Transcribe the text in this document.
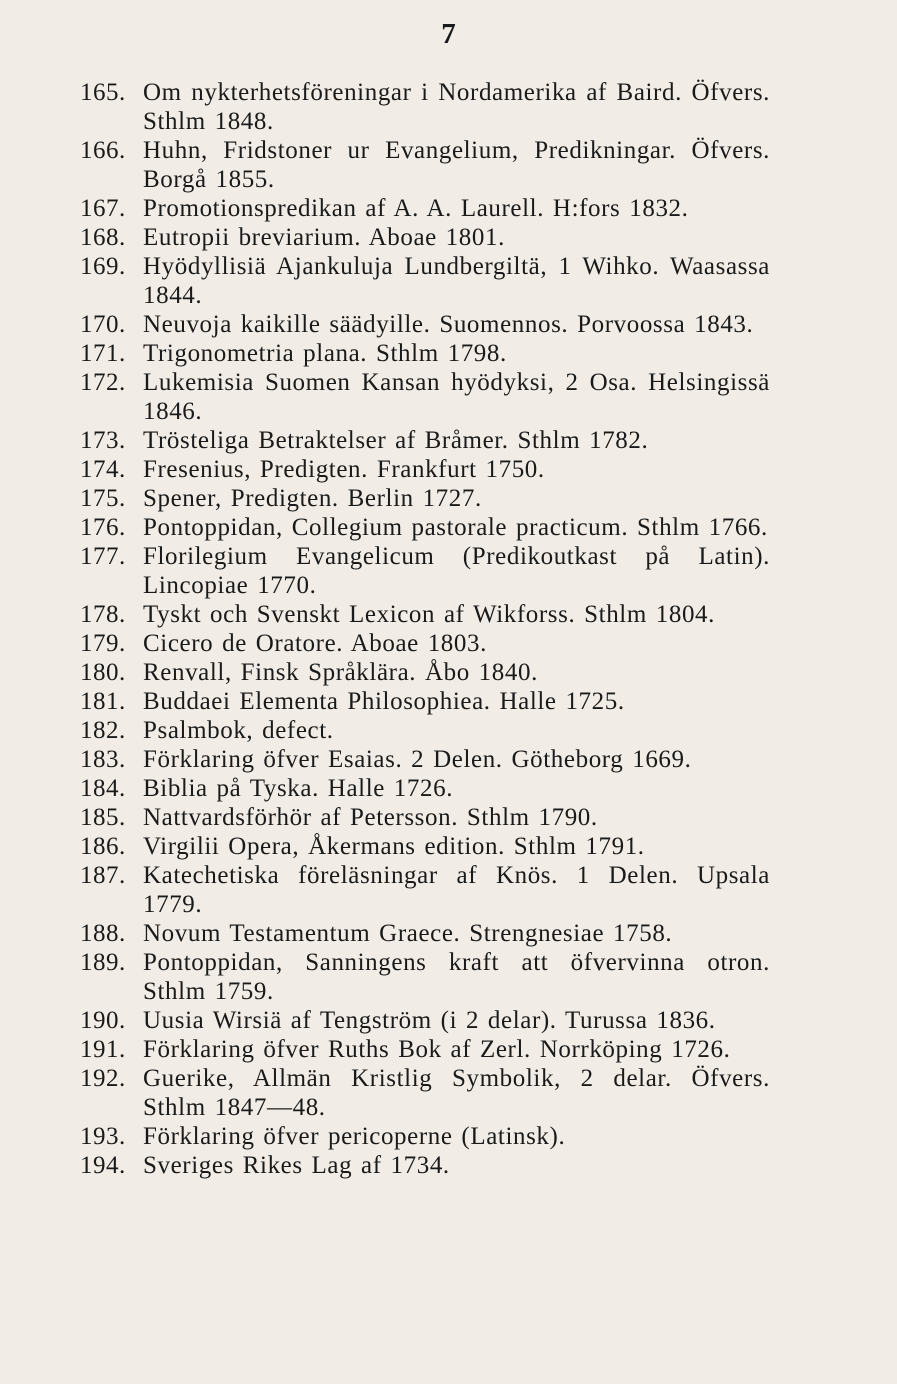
7
165. Om nykterhetsföreningar i Nordamerika af Baird. Öfvers. Sthlm 1848.
166. Huhn, Fridstoner ur Evangelium, Predikningar. Öfvers. Borgå 1855.
167. Promotionspredikan af A. A. Laurell. H:fors 1832.
168. Eutropii breviarium. Aboae 1801.
169. Hyödyllisiä Ajankuluja Lundbergiltä, 1 Wihko. Waasassa 1844.
170. Neuvoja kaikille säädyille. Suomennos. Porvoossa 1843.
171. Trigonometria plana. Sthlm 1798.
172. Lukemisia Suomen Kansan hyödyksi, 2 Osa. Helsingissä 1846.
173. Tröstеliga Betraktelser af Bråmer. Sthlm 1782.
174. Fresenius, Predigten. Frankfurt 1750.
175. Spener, Predigten. Berlin 1727.
176. Pontoppidan, Collegium pastorale practicum. Sthlm 1766.
177. Florilegium Evangelicum (Predikoutkast på Latin). Lincopiae 1770.
178. Tyskt och Svenskt Lexicon af Wikforss. Sthlm 1804.
179. Cicero de Oratore. Aboae 1803.
180. Renvall, Finsk Språklära. Åbo 1840.
181. Buddaei Elementa Philosophiea. Halle 1725.
182. Psalmbok, defect.
183. Förklaring öfver Esaias. 2 Delen. Götheborg 1669.
184. Biblia på Tyska. Halle 1726.
185. Nattvardsförhör af Petersson. Sthlm 1790.
186. Virgilii Opera, Åkermans edition. Sthlm 1791.
187. Katechetiska föreläsningar af Knös. 1 Delen. Upsala 1779.
188. Novum Testamentum Graece. Strengnesiae 1758.
189. Pontoppidan, Sanningens kraft att öfvervinna otron. Sthlm 1759.
190. Uusia Wirsiä af Tengström (i 2 delar). Turussa 1836.
191. Förklaring öfver Ruths Bok af Zerl. Norrköping 1726.
192. Guerike, Allmän Kristlig Symbolik, 2 delar. Öfvers. Sthlm 1847—48.
193. Förklaring öfver pericoperne (Latinsk).
194. Sveriges Rikes Lag af 1734.
